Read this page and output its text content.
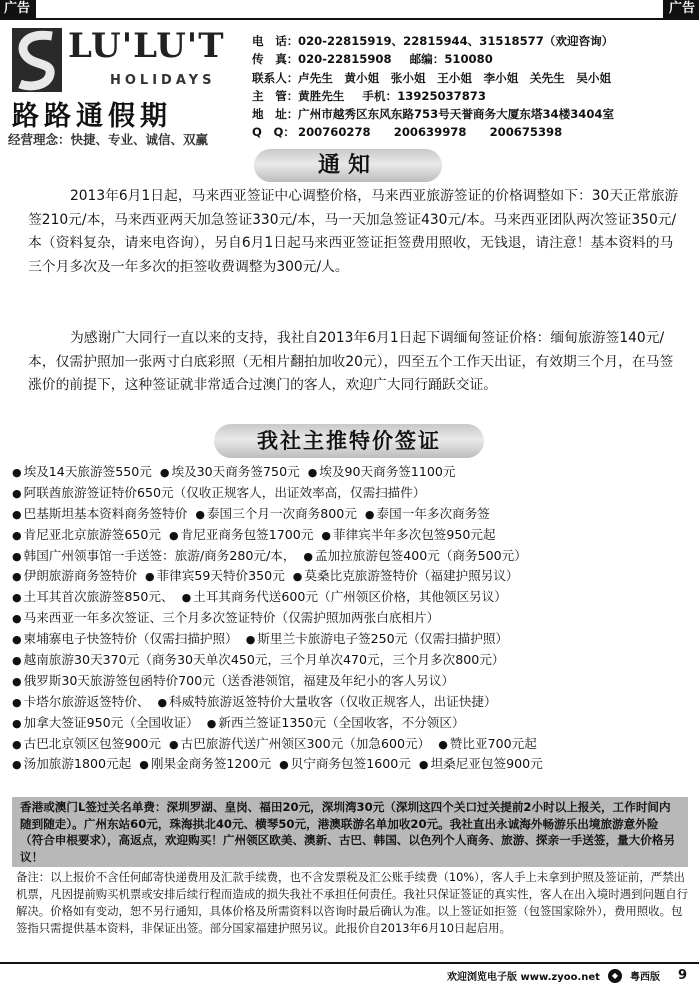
广告	广告
LU'LU'T
HOLIDAYS
路路通假期
经营理念：快捷、专业、诚信、双赢
电　话：020-22815919、22815944、31518577（欢迎咨询）
传　真：020-22815908 邮编：510080
联系人：卢先生　黄小姐　张小姐　王小姐　李小姐　关先生　吴小姐
主　管：黄胜先生 手机：13925037873
地　址：广州市越秀区东风东路753号天誉商务大厦东塔34楼3404室
Q　Q： 200760278　　200639978　　200675398
通知
2013年6月1日起，马来西亚签证中心调整价格，马来西亚旅游签证的价格调整如下：30天正常旅游签210元/本，马来西亚两天加急签证330元/本，马一天加急签证430元/本。马来西亚团队两次签证350元/本（资料复杂，请来电咨询），另自6月1日起马来西亚签证拒签费用照收，无钱退，请注意！基本资料的马三个月多次及一年多次的拒签收费调整为300元/人。
为感谢广大同行一直以来的支持，我社自2013年6月1日起下调缅甸签证价格：缅甸旅游签140元/本，仅需护照加一张两寸白底彩照（无相片翻拍加收20元），四至五个工作天出证，有效期三个月，在马签涨价的前提下，这种签证就非常适合过澳门的客人，欢迎广大同行踊跃交证。
我社主推特价签证
● 埃及14天旅游签550元 ● 埃及30天商务签750元 ● 埃及90天商务签1100元
● 阿联酋旅游签证特价650元（仅收正规客人，出证效率高，仅需扫描件）
● 巴基斯坦基本资料商务签特价 ● 泰国三个月一次商务800元 ● 泰国一年多次商务签
● 肯尼亚北京旅游签650元 ● 肯尼亚商务包签1700元 ● 菲律宾半年多次包签950元起
● 韩国广州领事馆一手送签：旅游/商务280元/本， ● 孟加拉旅游包签400元（商务500元）
● 伊朗旅游商务签特价 ● 菲律宾59天特价350元 ● 莫桑比克旅游签特价（福建护照另议）
● 土耳其首次旅游签850元、 ● 土耳其商务代送600元（广州领区价格，其他领区另议）
● 马来西亚一年多次签证、三个月多次签证特价（仅需护照加两张白底相片）
● 柬埔寨电子快签特价（仅需扫描护照） ● 斯里兰卡旅游电子签250元（仅需扫描护照）
● 越南旅游30天370元（商务30天单次450元，三个月单次470元，三个月多次800元）
● 俄罗斯30天旅游签包函特价700元（送香港领馆，福建及年纪小的客人另议）
● 卡塔尔旅游返签特价、 ● 科威特旅游返签特价大量收客（仅收正规客人，出证快捷）
● 加拿大签证950元（全国收证） ● 新西兰签证1350元（全国收客，不分领区）
● 古巴北京领区包签900元 ● 古巴旅游代送广州领区300元（加急600元） ● 赞比亚700元起
● 汤加旅游1800元起 ● 刚果金商务签1200元 ● 贝宁商务包签1600元 ● 坦桑尼亚包签900元
香港或澳门L签过关名单费：深圳罗湖、皇岗、福田20元，深圳湾30元（深圳这四个关口过关提前2小时以上报关，工作时间内随到随走）。广州东站60元，珠海拱北40元、横琴50元，港澳联游名单加收20元。我社直出永诚海外畅游乐出境旅游意外险（符合申根要求），高返点，欢迎购买！广州领区欧美、澳新、古巴、韩国、以色列个人商务、旅游、探亲一手送签，量大价格另议！
备注：以上报价不含任何邮寄快递费用及汇款手续费，也不含发票税及汇公账手续费（10%），客人手上未拿到护照及签证前，严禁出机票，凡因提前购买机票或安排后续行程而造成的损失我社不承担任何责任。我社只保证签证的真实性，客人在出入境时遇到问题自行解决。价格如有变动，恕不另行通知，具体价格及所需资料以咨询时最后确认为准。以上签证如拒签（包签国家除外），费用照收。包签指只需提供基本资料，非保证出签。部分国家福建护照另议。此报价自2013年6月10日起启用。
欢迎浏览电子版 www.zyoo.net	◆	粤西版 9
